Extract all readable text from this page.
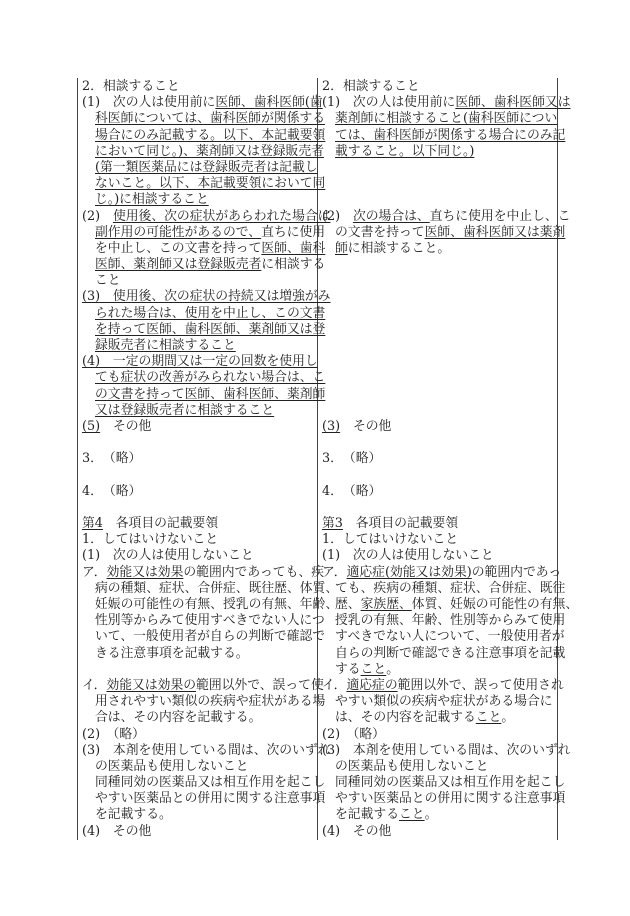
2．相談すること
(1)　次の人は使用前に医師、歯科医師(歯
科医師については、歯科医師が関係する
場合にのみ記載する。以下、本記載要領
において同じ。)、薬剤師又は登録販売者
(第一類医薬品には登録販売者は記載し
ないこと。以下、本記載要領において同
じ。)に相談すること
(2)　使用後、次の症状があらわれた場合は
副作用の可能性があるので、直ちに使用
を中止し、この文書を持って医師、歯科
医師、薬剤師又は登録販売者に相談する
こと
(3)　使用後、次の症状の持続又は増強がみ
られた場合は、使用を中止し、この文書
を持って医師、歯科医師、薬剤師又は登
録販売者に相談すること
(4)　一定の期間又は一定の回数を使用し
ても症状の改善がみられない場合は、こ
の文書を持って医師、歯科医師、薬剤師
又は登録販売者に相談すること
(5)　その他
3．　（略）
4．　（略）
第4　各項目の記載要領
1．してはいけないこと
(1)　次の人は使用しないこと
ア．効能又は効果の範囲内であっても、疾
病の種類、症状、合併症、既往歴、体質、
妊娠の可能性の有無、授乳の有無、年齢、
性別等からみて使用すべきでない人につ
いて、一般使用者が自らの判断で確認で
きる注意事項を記載する。
イ．効能又は効果の範囲以外で、誤って使
用されやすい類似の疾病や症状がある場
合は、その内容を記載する。
(2)　（略）
(3)　本剤を使用している間は、次のいずれ
の医薬品も使用しないこと
同種同効の医薬品又は相互作用を起こし
やすい医薬品との併用に関する注意事項
を記載する。
(4)　その他
2．相談すること
(1)　次の人は使用前に医師、歯科医師又は
薬剤師に相談すること(歯科医師につい
ては、歯科医師が関係する場合にのみ記
載すること。以下同じ。)
(2)　次の場合は、直ちに使用を中止し、こ
の文書を持って医師、歯科医師又は薬剤
師に相談すること。
(3)　その他
3．　（略）
4．　（略）
第3　各項目の記載要領
1．してはいけないこと
(1)　次の人は使用しないこと
ア．適応症(効能又は効果)の範囲内であっ
ても、疾病の種類、症状、合併症、既往
歴、家族歴、体質、妊娠の可能性の有無、
授乳の有無、年齢、性別等からみて使用
すべきでない人について、一般使用者が
自らの判断で確認できる注意事項を記載
すること。
イ．適応症の範囲以外で、誤って使用され
やすい類似の疾病や症状がある場合に
は、その内容を記載すること。
(2)　（略）
(3)　本剤を使用している間は、次のいずれ
の医薬品も使用しないこと
同種同効の医薬品又は相互作用を起こし
やすい医薬品との併用に関する注意事項
を記載すること。
(4)　その他
